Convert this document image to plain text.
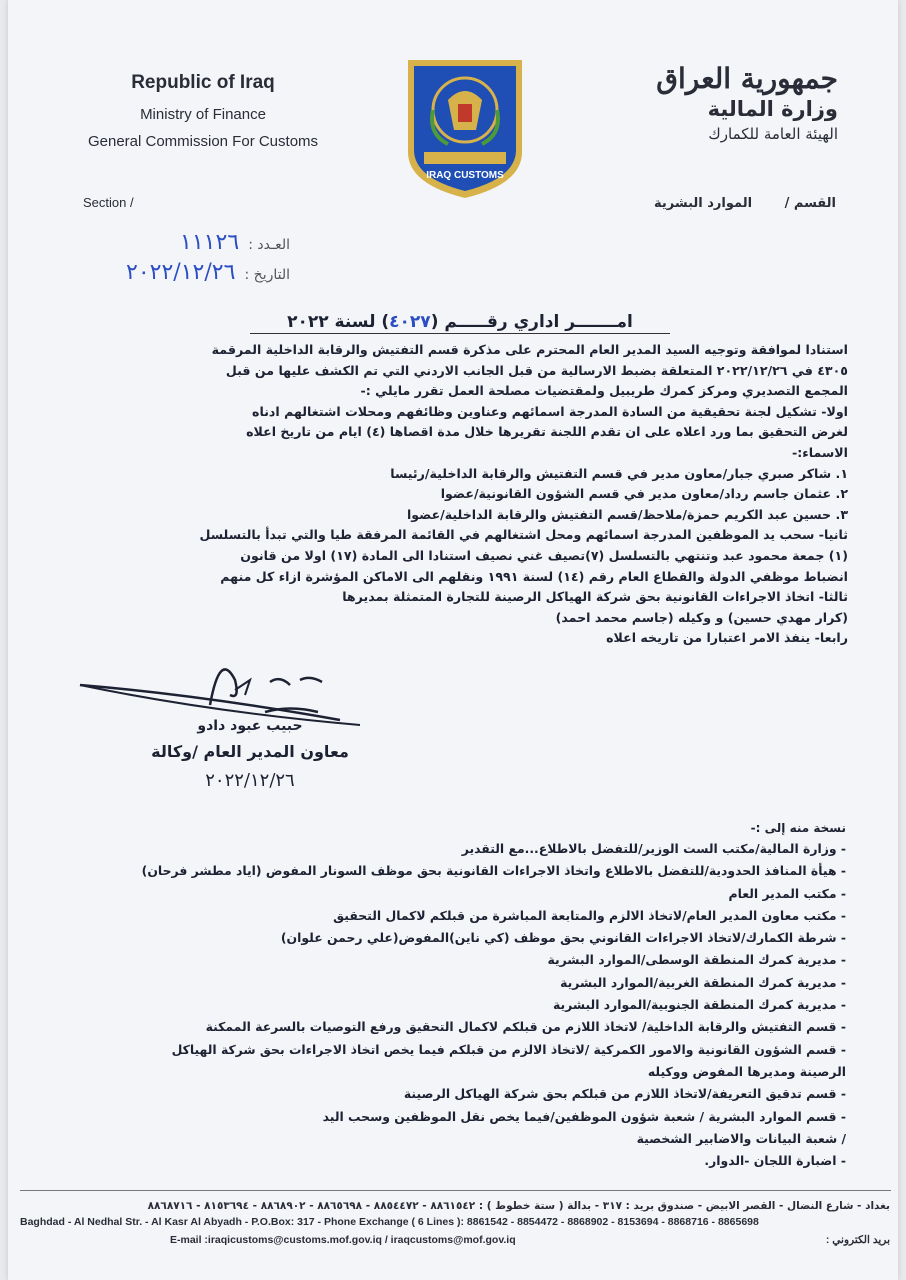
Republic of Iraq
Ministry of Finance
General Commission For Customs
Section /
IRAQ CUSTOMS
جمهورية العراق
وزارة المالية
الهيئة العامة للكمارك
القسم / الموارد البشرية
العـدد : ١١١٢٦
التاريخ : ٢٠٢٢/١٢/٢٦
امـــــــر اداري رقـــــم (٤٠٢٧) لسنة ٢٠٢٢
استنادا لموافقة وتوجيه السيد المدير العام المحترم على مذكرة قسم التفتيش والرقابة الداخلية المرقمة
٤٣٠٥ في ٢٠٢٢/١٢/٢٦ المتعلقة بضبط الارسالية من قبل الجانب الاردني التي تم الكشف عليها من قبل
المجمع التصديري ومركز كمرك طريبيل ولمقتضيات مصلحة العمل تقرر مايلي :-
اولا- تشكيل لجنة تحقيقية من السادة المدرجة اسمائهم وعناوين وظائفهم ومحلات اشتغالهم ادناه
لغرض التحقيق بما ورد اعلاه على ان تقدم اللجنة تقريرها خلال مدة اقصاها (٤) ايام من تاريخ اعلاه
الاسماء:-
١. شاكر صبري جبار/معاون مدير في قسم التفتيش والرقابة الداخلية/رئيسا
٢. عثمان جاسم رداد/معاون مدير في قسم الشؤون القانونية/عضوا
٣. حسين عبد الكريم حمزة/ملاحظ/قسم التفتيش والرقابة الداخلية/عضوا
ثانيا- سحب يد الموظفين المدرجة اسمائهم ومحل اشتغالهم في القائمة المرفقة طيا والتي تبدأ بالتسلسل
(١) جمعة محمود عبد وتنتهي بالتسلسل (٧)تصيف غني نصيف استنادا الى المادة (١٧) اولا من قانون
انضباط موظفي الدولة والقطاع العام رقم (١٤) لسنة ١٩٩١ ونقلهم الى الاماكن المؤشرة ازاء كل منهم
ثالثا- اتخاذ الاجراءات القانونية بحق شركة الهياكل الرصينة للتجارة المتمثلة بمديرها
(كرار مهدي حسين) و وكيله (جاسم محمد احمد)
رابعا- ينفذ الامر اعتبارا من تاريخه اعلاه
حبيب عبود دادو
معاون المدير العام /وكالة
٢٠٢٢/١٢/٢٦
نسخة منه إلى :-
- وزارة المالية/مكتب الست الوزير/للتفضل بالاطلاع...مع التقدير
- هيأة المنافذ الحدودية/للتفضل بالاطلاع واتخاذ الاجراءات القانونية بحق موظف السونار المفوض (اياد مطشر فرحان)
- مكتب المدير العام
- مكتب معاون المدير العام/لاتخاذ الالزم والمتابعة المباشرة من قبلكم لاكمال التحقيق
- شرطة الكمارك/لاتخاذ الاجراءات القانوني بحق موظف (كي ناين)المفوض(علي رحمن علوان)
- مديرية كمرك المنطقة الوسطى/الموارد البشرية
- مديرية كمرك المنطقة الغربية/الموارد البشرية
- مديرية كمرك المنطقة الجنوبية/الموارد البشرية
- قسم التفتيش والرقابة الداخلية/ لاتخاذ اللازم من قبلكم لاكمال التحقيق ورفع التوصيات بالسرعة الممكنة
- قسم الشؤون القانونية والامور الكمركية /لاتخاذ الالزم من قبلكم فيما يخص اتخاذ الاجراءات بحق شركة الهياكل
الرصينة ومديرها المفوض ووكيله
- قسم تدقيق التعريفة/لاتخاذ اللازم من قبلكم بحق شركة الهياكل الرصينة
- قسم الموارد البشرية / شعبة شؤون الموظفين/فيما يخص نقل الموظفين وسحب اليد
/ شعبة البيانات والاضابير الشخصية
- اضبارة اللجان -الدوار.
بغداد - شارع النضال - القصر الابيض - صندوق بريد : ٣١٧ - بدالة ( ستة خطوط ) : ٨٨٦١٥٤٢ - ٨٨٥٤٤٧٢ - ٨٨٦٥٦٩٨ - ٨٨٦٨٩٠٢ - ٨١٥٣٦٩٤ - ٨٨٦٨٧١٦
Baghdad - Al Nedhal Str. - Al Kasr Al Abyadh - P.O.Box: 317 - Phone Exchange ( 6 Lines ): 8861542 - 8854472 - 8868902 - 8153694 - 8868716 - 8865698
بريد الكتروني :
E-mail :iraqicustoms@customs.mof.gov.iq / iraqcustoms@mof.gov.iq
